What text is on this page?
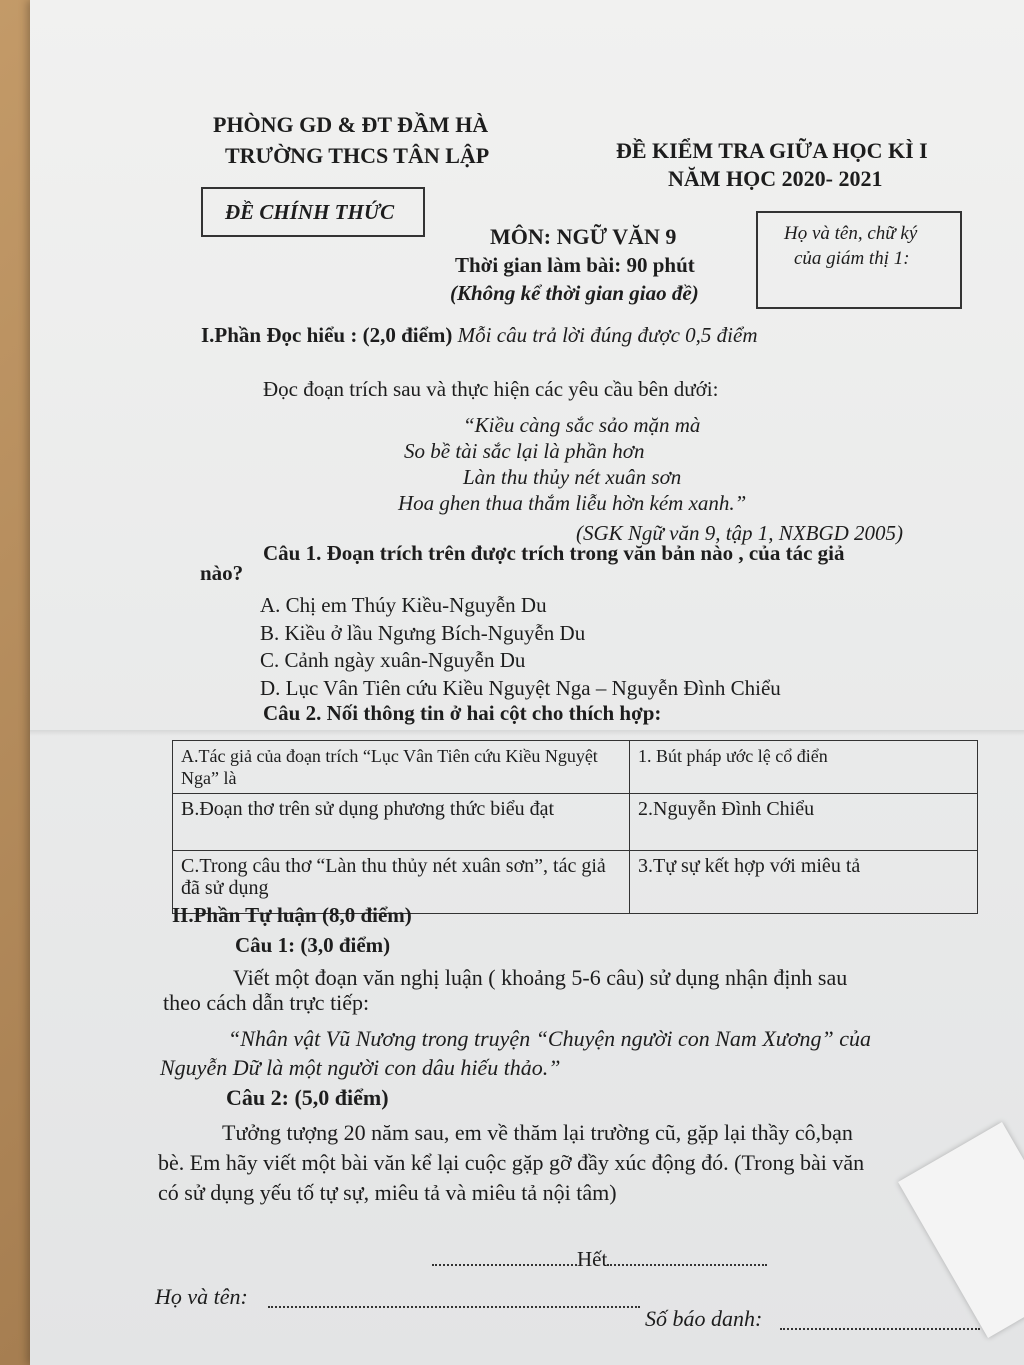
PHÒNG GD & ĐT ĐẦM HÀ
TRƯỜNG THCS TÂN LẬP	ĐỀ KIỂM TRA GIỮA HỌC KÌ I
NĂM HỌC 2020- 2021
ĐỀ CHÍNH THỨC
MÔN: NGỮ VĂN 9
Thời gian làm bài: 90 phút
(Không kể thời gian giao đề)
Họ và tên, chữ ký
của giám thị 1:
I.Phần Đọc hiểu : (2,0 điểm) Mỗi câu trả lời đúng được 0,5 điểm
Đọc đoạn trích sau và thực hiện các yêu cầu bên dưới:
“Kiều càng sắc sảo mặn mà
So bề tài sắc lại là phần hơn
Làn thu thủy nét xuân sơn
Hoa ghen thua thắm liễu hờn kém xanh.”
(SGK Ngữ văn 9, tập 1, NXBGD 2005)
Câu 1. Đoạn trích trên được trích trong văn bản nào , của tác giả
nào?
A. Chị em Thúy Kiều-Nguyễn Du
B. Kiều ở lầu Ngưng Bích-Nguyễn Du
C. Cảnh ngày xuân-Nguyễn Du
D. Lục Vân Tiên cứu Kiều Nguyệt Nga – Nguyễn Đình Chiểu
Câu 2. Nối thông tin ở hai cột cho thích hợp:
A.Tác giả của đoạn trích “Lục Vân Tiên cứu Kiều Nguyệt Nga” là	1. Bút pháp ước lệ cổ điển
B.Đoạn thơ trên sử dụng phương thức biểu đạt	2.Nguyễn Đình Chiểu
C.Trong câu thơ “Làn thu thủy nét xuân sơn”, tác giả đã sử dụng	3.Tự sự kết hợp với miêu tả
II.Phần Tự luận (8,0 điểm)
Câu 1: (3,0 điểm)
Viết một đoạn văn nghị luận ( khoảng 5-6 câu) sử dụng nhận định sau
theo cách dẫn trực tiếp:
“Nhân vật Vũ Nương trong truyện “Chuyện người con Nam Xương” của
Nguyễn Dữ là một người con dâu hiếu thảo.”
Câu 2: (5,0 điểm)
Tưởng tượng 20 năm sau, em về thăm lại trường cũ, gặp lại thầy cô,bạn
bè. Em hãy viết một bài văn kể lại cuộc gặp gỡ đầy xúc động đó. (Trong bài văn
có sử dụng yếu tố tự sự, miêu tả và miêu tả nội tâm)
Hết
Họ và tên:
Số báo danh:
